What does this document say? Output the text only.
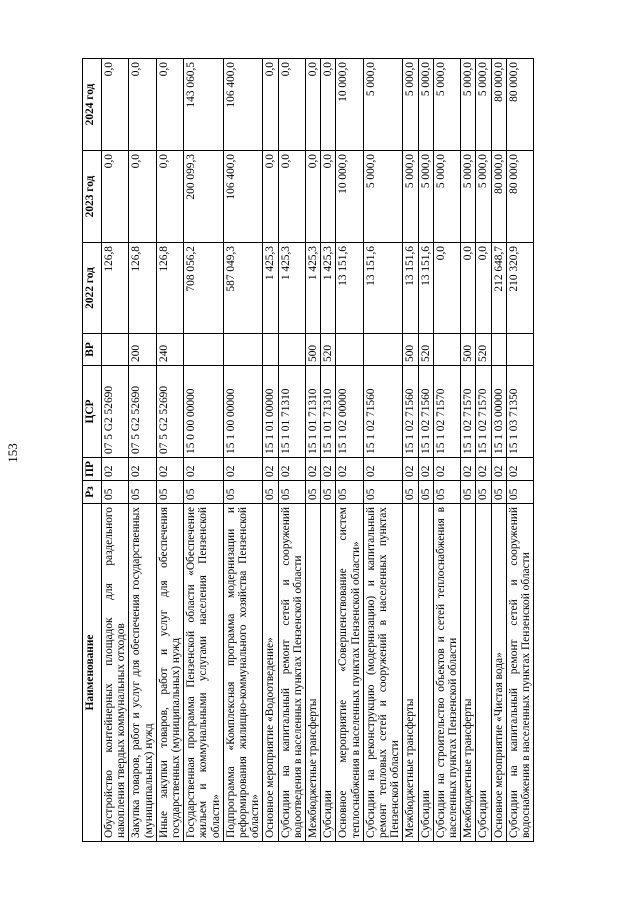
153
Наименование	Рз	ПР	ЦСР	ВР	2022 год	2023 год	2024 год
Обустройство контейнерных площадок для раздельного накопления твердых коммунальных отходов	05	02	07 5 G2 52690		126,8	0,0	0,0
Закупка товаров, работ и услуг для обеспечения государственных (муниципальных) нужд	05	02	07 5 G2 52690	200	126,8	0,0	0,0
Иные закупки товаров, работ и услуг для обеспечения государственных (муниципальных) нужд	05	02	07 5 G2 52690	240	126,8	0,0	0,0
Государственная программа Пензенской области «Обеспечение жильем и коммунальными услугами населения Пензенской области»	05	02	15 0 00 00000		708 056,2	200 099,3	143 060,5
Подпрограмма «Комплексная программа модернизации и реформирования жилищно-коммунального хозяйства Пензенской области»	05	02	15 1 00 00000		587 049,3	106 400,0	106 400,0
Основное мероприятие «Водоотведение»	05	02	15 1 01 00000		1 425,3	0,0	0,0
Субсидии на капитальный ремонт сетей и сооружений водоотведения в населенных пунктах Пензенской области	05	02	15 1 01 71310		1 425,3	0,0	0,0
Межбюджетные трансферты	05	02	15 1 01 71310	500	1 425,3	0,0	0,0
Субсидии	05	02	15 1 01 71310	520	1 425,3	0,0	0,0
Основное мероприятие «Совершенствование систем теплоснабжения в населенных пунктах Пензенской области»	05	02	15 1 02 00000		13 151,6	10 000,0	10 000,0
Субсидии на реконструкцию (модернизацию) и капитальный ремонт тепловых сетей и сооружений в населенных пунктах Пензенской области	05	02	15 1 02 71560		13 151,6	5 000,0	5 000,0
Межбюджетные трансферты	05	02	15 1 02 71560	500	13 151,6	5 000,0	5 000,0
Субсидии	05	02	15 1 02 71560	520	13 151,6	5 000,0	5 000,0
Субсидии на строительство объектов и сетей теплоснабжения в населенных пунктах Пензенской области	05	02	15 1 02 71570		0,0	5 000,0	5 000,0
Межбюджетные трансферты	05	02	15 1 02 71570	500	0,0	5 000,0	5 000,0
Субсидии	05	02	15 1 02 71570	520	0,0	5 000,0	5 000,0
Основное мероприятие «Чистая вода»	05	02	15 1 03 00000		212 648,7	80 000,0	80 000,0
Субсидии на капитальный ремонт сетей и сооружений водоснабжения в населенных пунктах Пензенской области	05	02	15 1 03 71350		210 320,9	80 000,0	80 000,0
